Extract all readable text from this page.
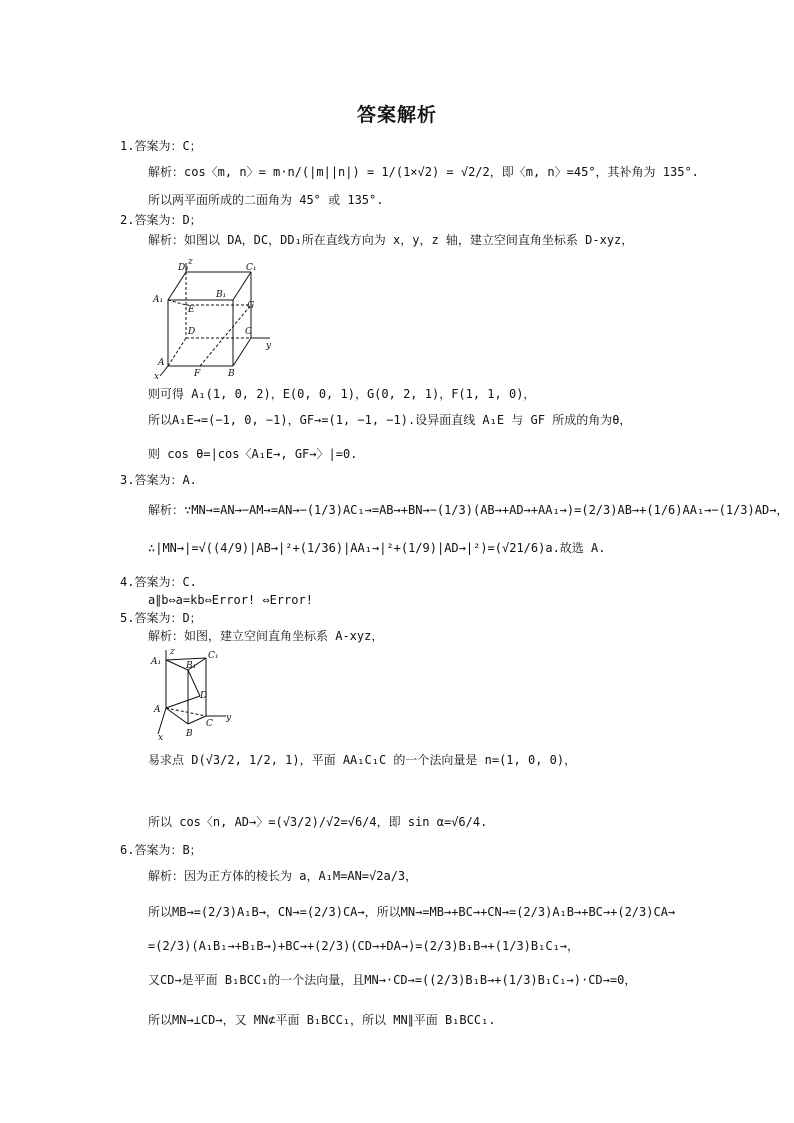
答案解析
1.答案为：C；
解析：cos〈m, n〉= m·n/(|m||n|) = 1/(1×√2) = √2/2，即〈m, n〉=45°，其补角为 135°.
所以两平面所成的二面角为 45° 或 135°.
2.答案为：D；
解析：如图以 DA，DC，DD₁所在直线方向为 x，y，z 轴，建立空间直角坐标系 D-xyz，
D₁	C₁
A₁	B₁
E	G
D	C
y
A
F	B
x
z
则可得 A₁(1, 0, 2)，E(0, 0, 1)，G(0, 2, 1)，F(1, 1, 0)，
所以A₁E→=(−1, 0, −1)，GF→=(1, −1, −1).设异面直线 A₁E 与 GF 所成的角为θ，
则 cos θ=|cos〈A₁E→, GF→〉|=0.
3.答案为：A.
解析：∵MN→=AN→−AM→=AN→−(1/3)AC₁→=AB→+BN→−(1/3)(AB→+AD→+AA₁→)=(2/3)AB→+(1/6)AA₁→−(1/3)AD→，
∴|MN→|=√((4/9)|AB→|²+(1/36)|AA₁→|²+(1/9)|AD→|²)=(√21/6)a.故选 A.
4.答案为：C.
a∥b⇔a=kb⇔Error! ⇔Error!
5.答案为：D；
解析：如图，建立空间直角坐标系 A-xyz，
z
A₁
C₁
B₁
D
A
C
y
B
x
易求点 D(√3/2, 1/2, 1)，平面 AA₁C₁C 的一个法向量是 n=(1, 0, 0)，
所以 cos〈n, AD→〉=(√3/2)/√2=√6/4，即 sin α=√6/4.
6.答案为：B；
解析：因为正方体的棱长为 a，A₁M=AN=√2a/3，
所以MB→=(2/3)A₁B→，CN→=(2/3)CA→，所以MN→=MB→+BC→+CN→=(2/3)A₁B→+BC→+(2/3)CA→
=(2/3)(A₁B₁→+B₁B→)+BC→+(2/3)(CD→+DA→)=(2/3)B₁B→+(1/3)B₁C₁→，
又CD→是平面 B₁BCC₁的一个法向量，且MN→·CD→=((2/3)B₁B→+(1/3)B₁C₁→)·CD→=0，
所以MN→⊥CD→，又 MN⊄平面 B₁BCC₁，所以 MN∥平面 B₁BCC₁.
